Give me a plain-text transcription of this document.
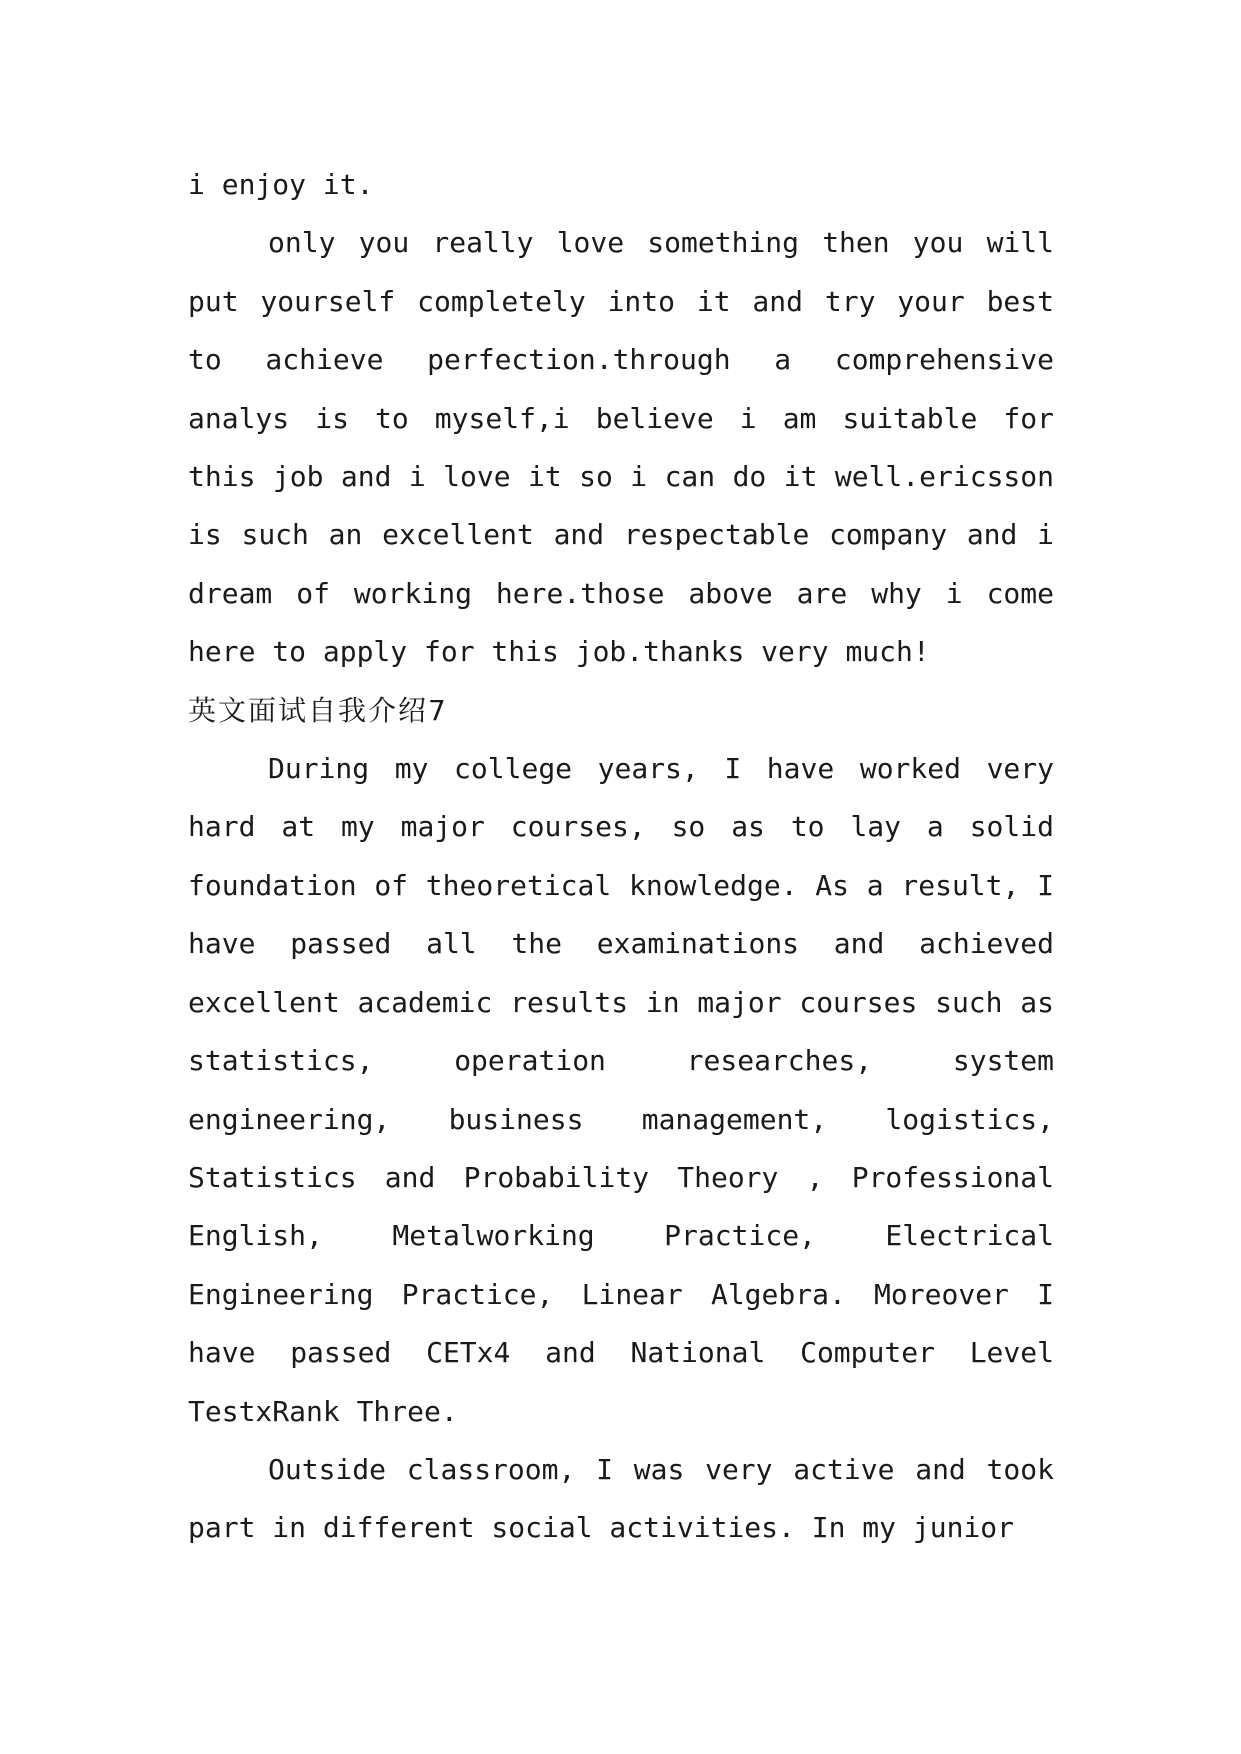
i enjoy it.

only you really love something then you will put yourself completely into it and try your best to achieve perfection.through a comprehensive analys is to myself,i believe i am suitable for this job and i love it so i can do it well.ericsson is such an excellent and respectable company and i dream of working here.those above are why i come here to apply for this job.thanks very much!

英文面试自我介绍7

During my college years, I have worked very hard at my major courses, so as to lay a solid foundation of theoretical knowledge. As a result, I have passed all the examinations and achieved excellent academic results in major courses such as statistics, operation researches, system engineering, business management, logistics, Statistics and Probability Theory , Professional English, Metalworking Practice, Electrical Engineering Practice, Linear Algebra. Moreover I have passed CETx4 and National Computer Level TestxRank Three.

Outside classroom, I was very active and took part in different social activities. In my junior
